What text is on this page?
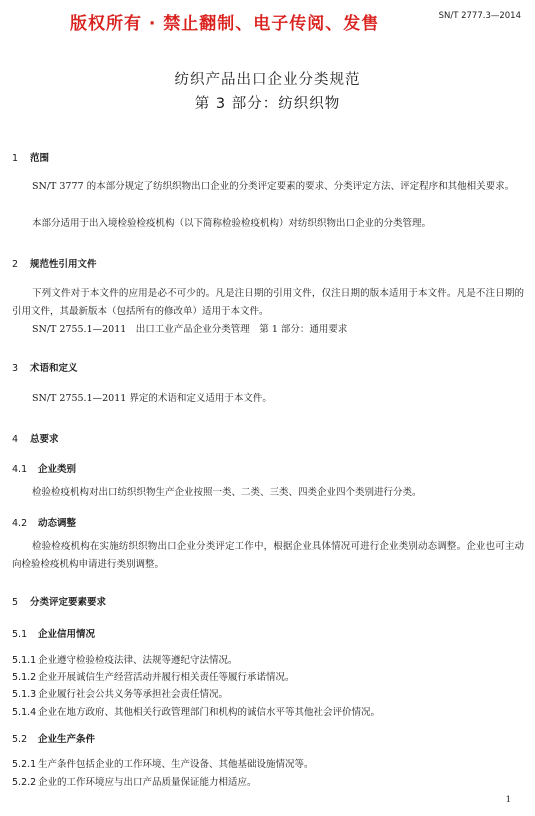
版权所有 · 禁止翻制、电子传阅、发售	SN/T 2777.3—2014
纺织产品出口企业分类规范
第 3 部分：纺织织物
1 范围
SN/T 3777 的本部分规定了纺织织物出口企业的分类评定要素的要求、分类评定方法、评定程序和其他相关要求。
本部分适用于出入境检验检疫机构（以下简称检验检疫机构）对纺织织物出口企业的分类管理。
2 规范性引用文件
下列文件对于本文件的应用是必不可少的。凡是注日期的引用文件，仅注日期的版本适用于本文件。凡是不注日期的引用文件，其最新版本（包括所有的修改单）适用于本文件。
SN/T 2755.1—2011　出口工业产品企业分类管理　第 1 部分：通用要求
3 术语和定义
SN/T 2755.1—2011 界定的术语和定义适用于本文件。
4 总要求
4.1 企业类别
检验检疫机构对出口纺织织物生产企业按照一类、二类、三类、四类企业四个类别进行分类。
4.2 动态调整
检验检疫机构在实施纺织织物出口企业分类评定工作中，根据企业具体情况可进行企业类别动态调整。企业也可主动向检验检疫机构申请进行类别调整。
5 分类评定要素要求
5.1 企业信用情况
5.1.1 企业遵守检验检疫法律、法规等遵纪守法情况。
5.1.2 企业开展诚信生产经营活动并履行相关责任等履行承诺情况。
5.1.3 企业履行社会公共义务等承担社会责任情况。
5.1.4 企业在地方政府、其他相关行政管理部门和机构的诚信水平等其他社会评价情况。
5.2 企业生产条件
5.2.1 生产条件包括企业的工作环境、生产设备、其他基础设施情况等。
5.2.2 企业的工作环境应与出口产品质量保证能力相适应。
1
